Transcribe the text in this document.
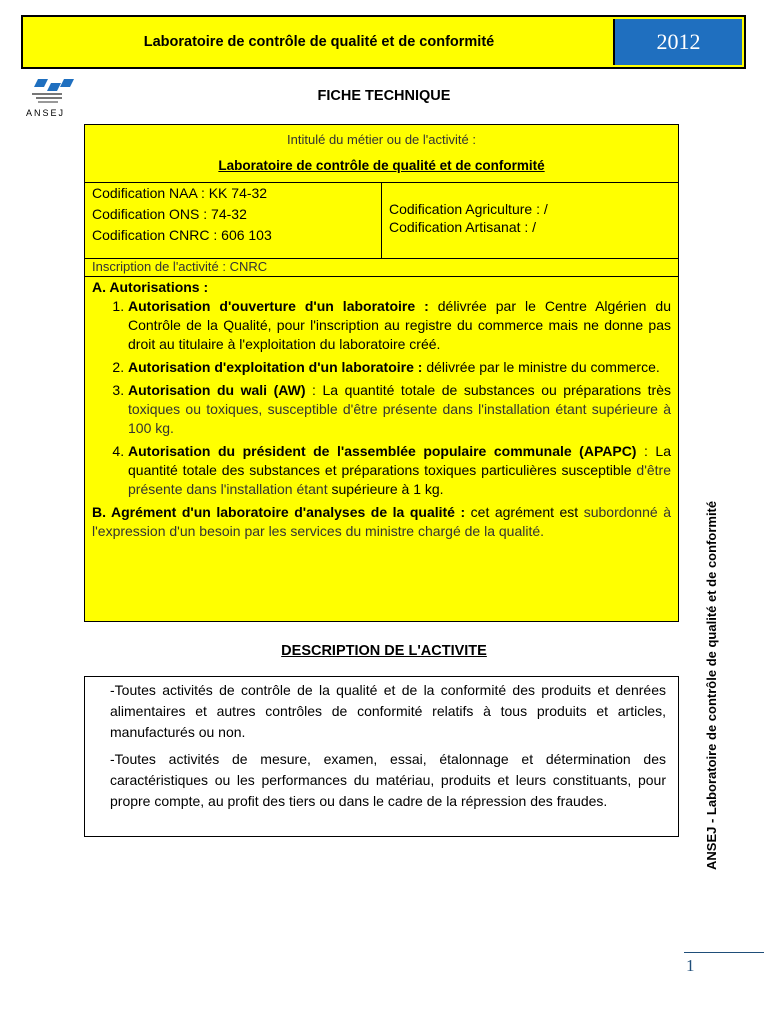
Laboratoire de contrôle de qualité et de conformité	2012
ANSEJ
FICHE TECHNIQUE
Intitulé du métier ou de l'activité :
Laboratoire de contrôle de qualité et de conformité
Codification NAA : KK 74-32
Codification ONS : 74-32
Codification CNRC : 606 103
Codification Agriculture : /
Codification Artisanat : /
Inscription de l'activité : CNRC

A. Autorisations :

1. Autorisation d'ouverture d'un laboratoire : délivrée par le Centre Algérien du Contrôle de la Qualité, pour l'inscription au registre du commerce mais ne donne pas droit au titulaire à l'exploitation du laboratoire créé.
2. Autorisation d'exploitation d'un laboratoire : délivrée par le ministre du commerce.
3. Autorisation du wali (AW) : La quantité totale de substances ou préparations très toxiques ou toxiques, susceptible d'être présente dans l'installation étant supérieure à 100 kg.
4. Autorisation du président de l'assemblée populaire communale (APAPC) : La quantité totale des substances et préparations toxiques particulières susceptible d'être présente dans l'installation étant supérieure à 1 kg.

B. Agrément d'un laboratoire d'analyses de la qualité : cet agrément est subordonné à l'expression d'un besoin par les services du ministre chargé de la qualité.

DESCRIPTION DE L'ACTIVITE

-Toutes activités de contrôle de la qualité et de la conformité des produits et denrées alimentaires et autres contrôles de conformité relatifs à tous produits et articles, manufacturés ou non.

-Toutes activités de mesure, examen, essai, étalonnage et détermination des caractéristiques ou les performances du matériau, produits et leurs constituants, pour propre compte, au profit des tiers ou dans le cadre de la répression des fraudes.	ANSEJ - Laboratoire de contrôle de qualité et de conformité
1
